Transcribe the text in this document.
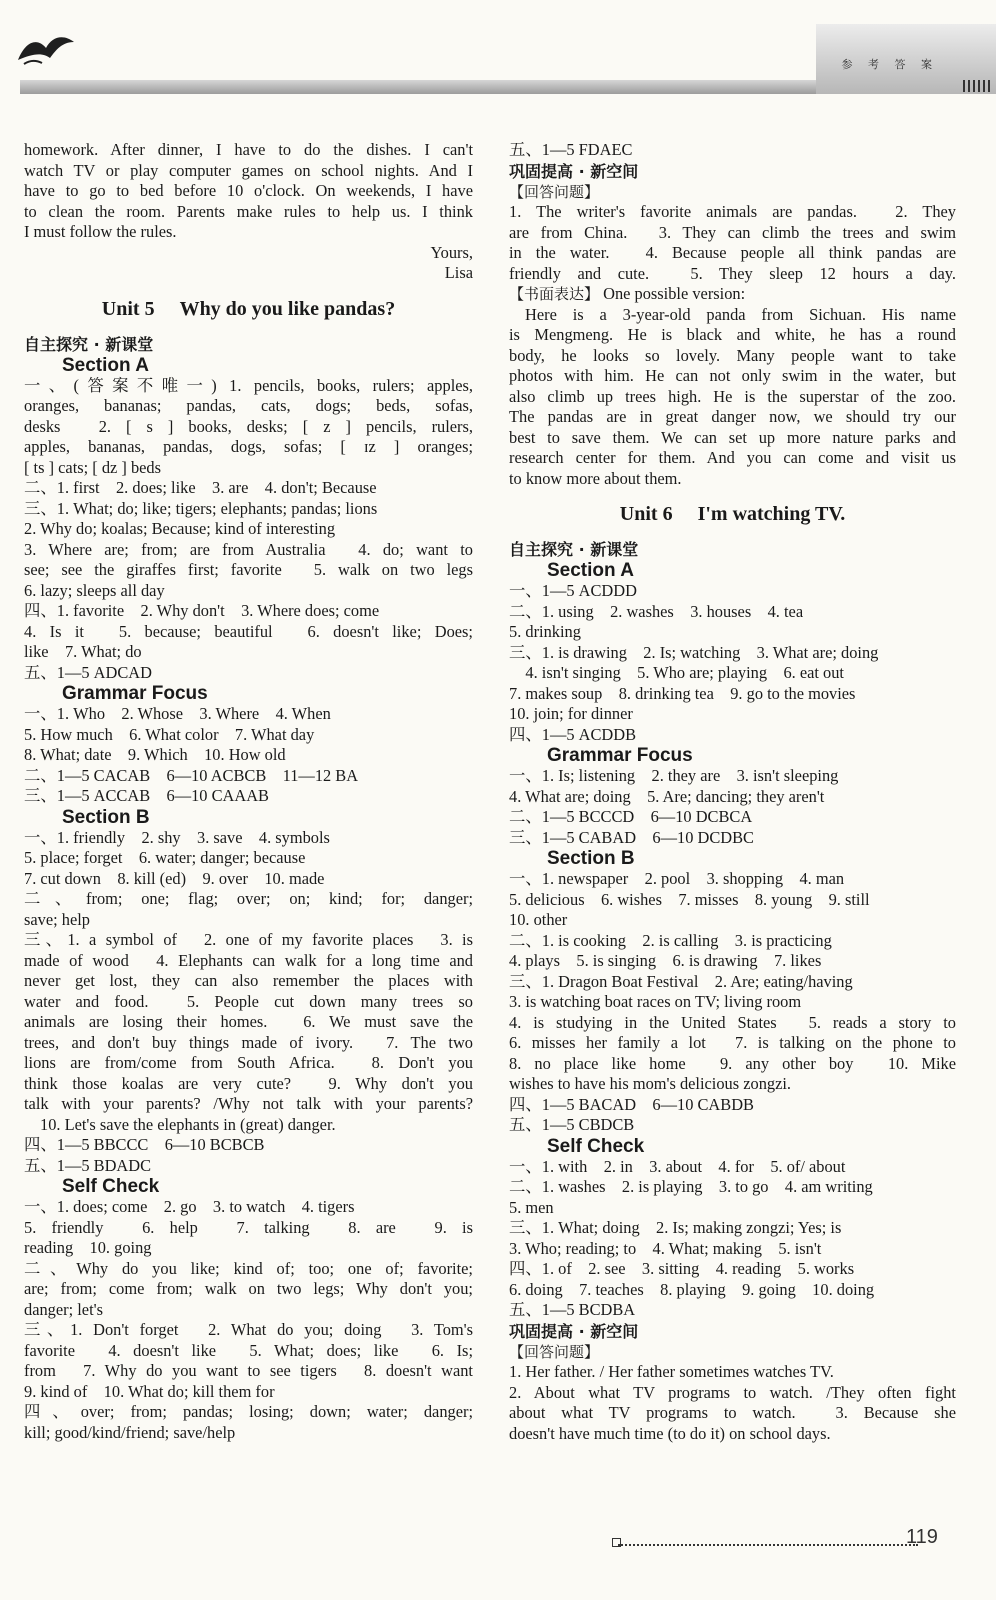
参 考 答 案
homework. After dinner, I have to do the dishes. I can't
watch TV or play computer games on school nights. And I
have to go to bed before 10 o'clock. On weekends, I have
to clean the room. Parents make rules to help us. I think
I must follow the rules.
Yours,
Lisa
Unit 5 　Why do you like pandas?
自主探究 · 新课堂
Section A
一、(答案不唯一) 1. pencils, books, rulers; apples,
oranges, bananas; pandas, cats, dogs; beds, sofas,
desks　2. [ s ] books, desks; [ z ] pencils, rulers,
apples, bananas, pandas, dogs, sofas; [ ɪz ] oranges;
[ ts ] cats; [ dz ] beds
二、1. first　2. does; like　3. are　4. don't; Because
三、1. What; do; like; tigers; elephants; pandas; lions
2. Why do; koalas; Because; kind of interesting
3. Where are; from; are from Australia　4. do; want to
see; see the giraffes first; favorite　5. walk on two legs
6. lazy; sleeps all day
四、1. favorite　2. Why don't　3. Where does; come
4. Is it　5. because; beautiful　6. doesn't like; Does;
like　7. What; do
五、1—5 ADCAD
Grammar Focus
一、1. Who　2. Whose　3. Where　4. When
5. How much　6. What color　7. What day
8. What; date　9. Which　10. How old
二、1—5 CACAB　6—10 ACBCB　11—12 BA
三、1—5 ACCAB　6—10 CAAAB
Section B
一、1. friendly　2. shy　3. save　4. symbols
5. place; forget　6. water; danger; because
7. cut down　8. kill (ed)　9. over　10. made
二、from; one; flag; over; on; kind; for; danger;
save; help
三、1. a symbol of　2. one of my favorite places　3. is
made of wood　4. Elephants can walk for a long time and
never get lost, they can also remember the places with
water and food.　5. People cut down many trees so
animals are losing their homes.　6. We must save the
trees, and don't buy things made of ivory.　7. The two
lions are from/come from South Africa.　8. Don't you
think those koalas are very cute?　9. Why don't you
talk with your parents? /Why not talk with your parents?
10. Let's save the elephants in (great) danger.
四、1—5 BBCCC　6—10 BCBCB
五、1—5 BDADC
Self Check
一、1. does; come　2. go　3. to watch　4. tigers
5. friendly　6. help　7. talking　8. are　9. is
reading　10. going
二、Why do you like; kind of; too; one of; favorite;
are; from; come from; walk on two legs; Why don't you;
danger; let's
三、1. Don't forget　2. What do you; doing　3. Tom's
favorite　4. doesn't like　5. What; does; like　6. Is;
from　7. Why do you want to see tigers　8. doesn't want
9. kind of　10. What do; kill them for
四、over; from; pandas; losing; down; water; danger;
kill; good/kind/friend; save/help
五、1—5 FDAEC
巩固提高 · 新空间
【回答问题】
1. The writer's favorite animals are pandas.　2. They
are from China.　3. They can climb the trees and swim
in the water.　4. Because people all think pandas are
friendly and cute.　5. They sleep 12 hours a day.
【书面表达】 One possible version:
Here is a 3-year-old panda from Sichuan. His name
is Mengmeng. He is black and white, he has a round
body, he looks so lovely. Many people want to take
photos with him. He can not only swim in the water, but
also climb up trees high. He is the superstar of the zoo.
The pandas are in great danger now, we should try our
best to save them. We can set up more nature parks and
research center for them. And you can come and visit us
to know more about them.
Unit 6 　I'm watching TV.
自主探究 · 新课堂
Section A
一、1—5 ACDDD
二、1. using　2. washes　3. houses　4. tea
5. drinking
三、1. is drawing　2. Is; watching　3. What are; doing
　4. isn't singing　5. Who are; playing　6. eat out
7. makes soup　8. drinking tea　9. go to the movies
10. join; for dinner
四、1—5 ACDDB
Grammar Focus
一、1. Is; listening　2. they are　3. isn't sleeping
4. What are; doing　5. Are; dancing; they aren't
二、1—5 BCCCD　6—10 DCBCA
三、1—5 CABAD　6—10 DCDBC
Section B
一、1. newspaper　2. pool　3. shopping　4. man
5. delicious　6. wishes　7. misses　8. young　9. still
10. other
二、1. is cooking　2. is calling　3. is practicing
4. plays　5. is singing　6. is drawing　7. likes
三、1. Dragon Boat Festival　2. Are; eating/having
3. is watching boat races on TV; living room
4. is studying in the United States　5. reads a story to
6. misses her family a lot　7. is talking on the phone to
8. no place like home　9. any other boy　10. Mike
wishes to have his mom's delicious zongzi.
四、1—5 BACAD　6—10 CABDB
五、1—5 CBDCB
Self Check
一、1. with　2. in　3. about　4. for　5. of/ about
二、1. washes　2. is playing　3. to go　4. am writing
5. men
三、1. What; doing　2. Is; making zongzi; Yes; is
3. Who; reading; to　4. What; making　5. isn't
四、1. of　2. see　3. sitting　4. reading　5. works
6. doing　7. teaches　8. playing　9. going　10. doing
五、1—5 BCDBA
巩固提高 · 新空间
【回答问题】
1. Her father. / Her father sometimes watches TV.
2. About what TV programs to watch. /They often fight
about what TV programs to watch.　3. Because she
doesn't have much time (to do it) on school days.
119
